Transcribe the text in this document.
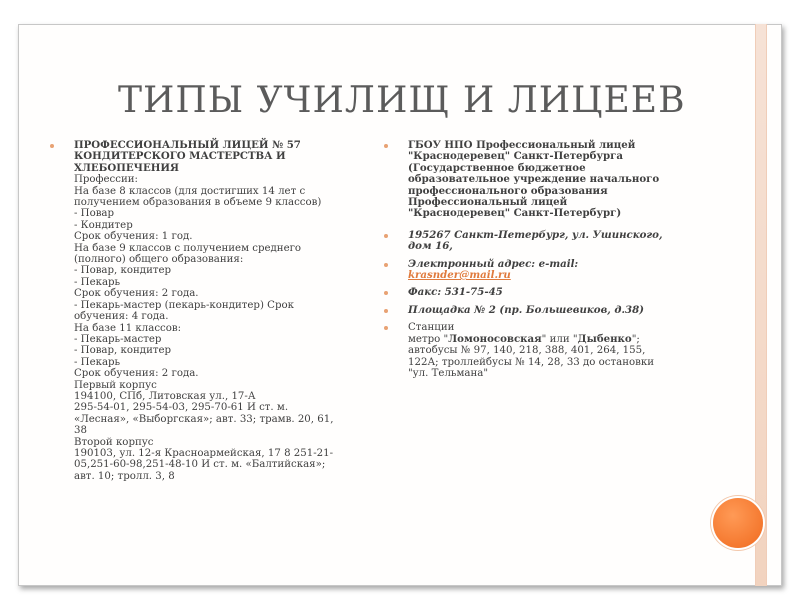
ТИПЫ УЧИЛИЩ И ЛИЦЕЕВ
ПРОФЕССИОНАЛЬНЫЙ ЛИЦЕЙ № 57
КОНДИТЕРСКОГО МАСТЕРСТВА И
ХЛЕБОПЕЧЕНИЯ
Профессии:
На базе 8 классов (для достигших 14 лет с
получением образования в объеме 9 классов)
- Повар
- Кондитер
Срок обучения: 1 год.
На базе 9 классов с получением среднего
(полного) общего образования:
- Повар, кондитер
- Пекарь
Срок обучения: 2 года.
- Пекарь-мастер (пекарь-кондитер) Срок
обучения: 4 года.
На базе 11 классов:
- Пекарь-мастер
- Повар, кондитер
- Пекарь
Срок обучения: 2 года.
Первый корпус
194100, СПб, Литовская ул., 17-А
295-54-01, 295-54-03, 295-70-61 И ст. м.
«Лесная», «Выборгская»; авт. 33; трамв. 20, 61,
38
Второй корпус
190103, ул. 12-я Красноармейская, 17 8 251-21-
05,251-60-98,251-48-10 И ст. м. «Балтийская»;
авт. 10; тролл. 3, 8
ГБОУ НПО Профессиональный лицей
"Краснодеревец" Санкт-Петербурга
(Государственное бюджетное
образовательное учреждение начального
профессионального образования
Профессиональный лицей
"Краснодеревец" Санкт-Петербург)
195267 Санкт-Петербург, ул. Ушинского,
дом 16,
Электронный адрес: e-mail:
krasnder@mail.ru
Факс: 531-75-45
Площадка № 2 (пр. Большевиков, д.38)
Станции
метро "Ломоносовская" или "Дыбенко";
автобусы № 97, 140, 218, 388, 401, 264, 155,
122А; троллейбусы № 14, 28, 33 до остановки
"ул. Тельмана"
